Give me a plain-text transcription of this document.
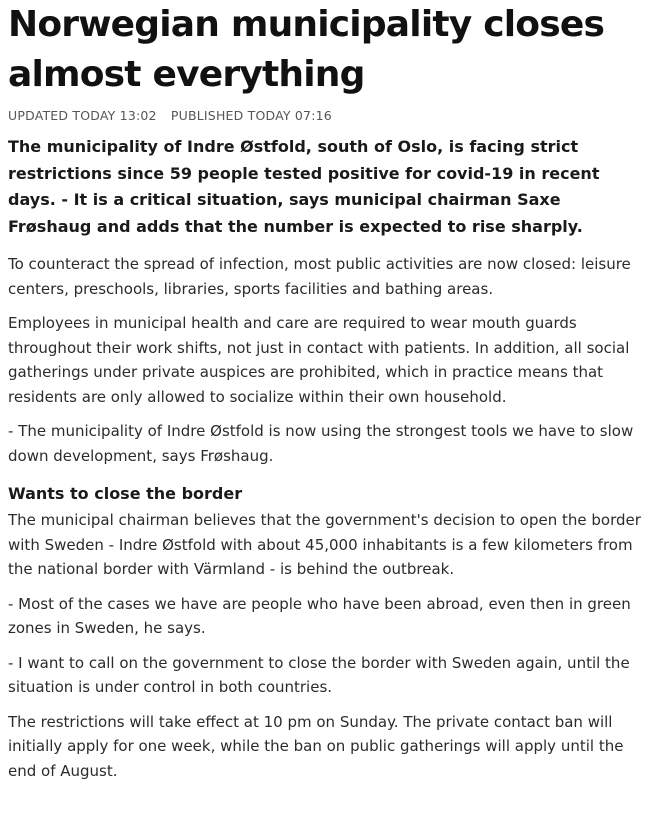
Norwegian municipality closes almost everything
UPDATED TODAY 13:02 PUBLISHED TODAY 07:16

The municipality of Indre Østfold, south of Oslo, is facing strict restrictions since 59 people tested positive for covid-19 in recent days. - It is a critical situation, says municipal chairman Saxe Frøshaug and adds that the number is expected to rise sharply.

To counteract the spread of infection, most public activities are now closed: leisure centers, preschools, libraries, sports facilities and bathing areas.

Employees in municipal health and care are required to wear mouth guards throughout their work shifts, not just in contact with patients. In addition, all social gatherings under private auspices are prohibited, which in practice means that residents are only allowed to socialize within their own household.

- The municipality of Indre Østfold is now using the strongest tools we have to slow down development, says Frøshaug.

Wants to close the border

The municipal chairman believes that the government's decision to open the border with Sweden - Indre Østfold with about 45,000 inhabitants is a few kilometers from the national border with Värmland - is behind the outbreak.

- Most of the cases we have are people who have been abroad, even then in green zones in Sweden, he says.

- I want to call on the government to close the border with Sweden again, until the situation is under control in both countries.

The restrictions will take effect at 10 pm on Sunday. The private contact ban will initially apply for one week, while the ban on public gatherings will apply until the end of August.
